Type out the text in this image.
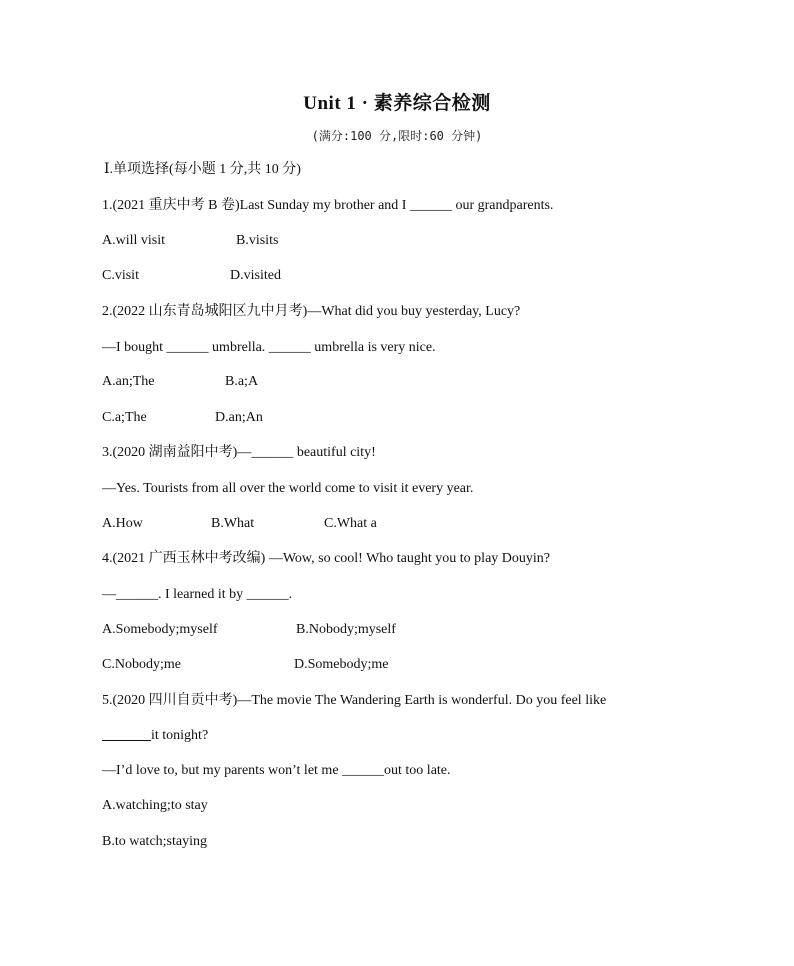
Unit 1 · 素养综合检测
(满分:100 分,限时:60 分钟)
Ⅰ.单项选择(每小题 1 分,共 10 分)
1.(2021 重庆中考 B 卷)Last Sunday my brother and I ______ our grandparents.
A.will visit	B.visits
C.visit	D.visited
2.(2022 山东青岛城阳区九中月考)—What did you buy yesterday, Lucy?
—I bought ______ umbrella. ______ umbrella is very nice.
A.an;The	B.a;A
C.a;The	D.an;An
3.(2020 湖南益阳中考)—______ beautiful city!
—Yes. Tourists from all over the world come to visit it every year.
A.How	B.What	C.What a
4.(2021 广西玉林中考改编) —Wow, so cool! Who taught you to play Douyin?
—______. I learned it by ______.
A.Somebody;myself	B.Nobody;myself
C.Nobody;me	D.Somebody;me
5.(2020 四川自贡中考)—The movie The Wandering Earth is wonderful. Do you feel like
_______it tonight?
—I’d love to, but my parents won’t let me ______out too late.
A.watching;to stay
B.to watch;staying
